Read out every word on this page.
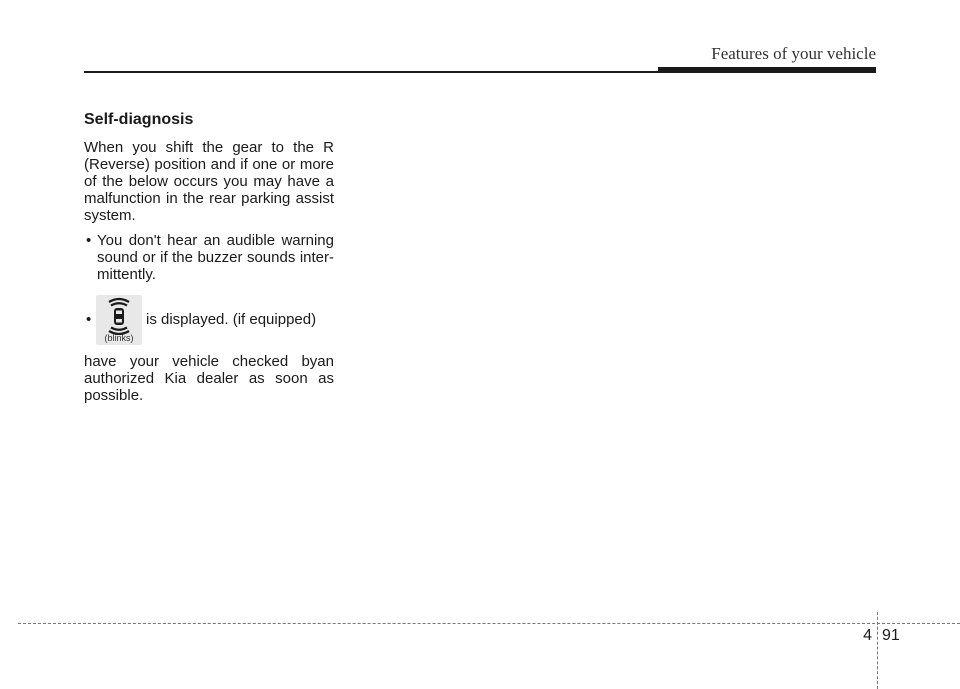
Features of your vehicle
Self-diagnosis

When you shift the gear to the R (Reverse) position and if one or more of the below occurs you may have a malfunction in the rear parking assist system.

• You don't hear an audible warning sound or if the buzzer sounds inter-mittently.
•
(blinks)
is displayed. (if equipped)

have your vehicle checked byan authorized Kia dealer as soon as possible.

4 91
